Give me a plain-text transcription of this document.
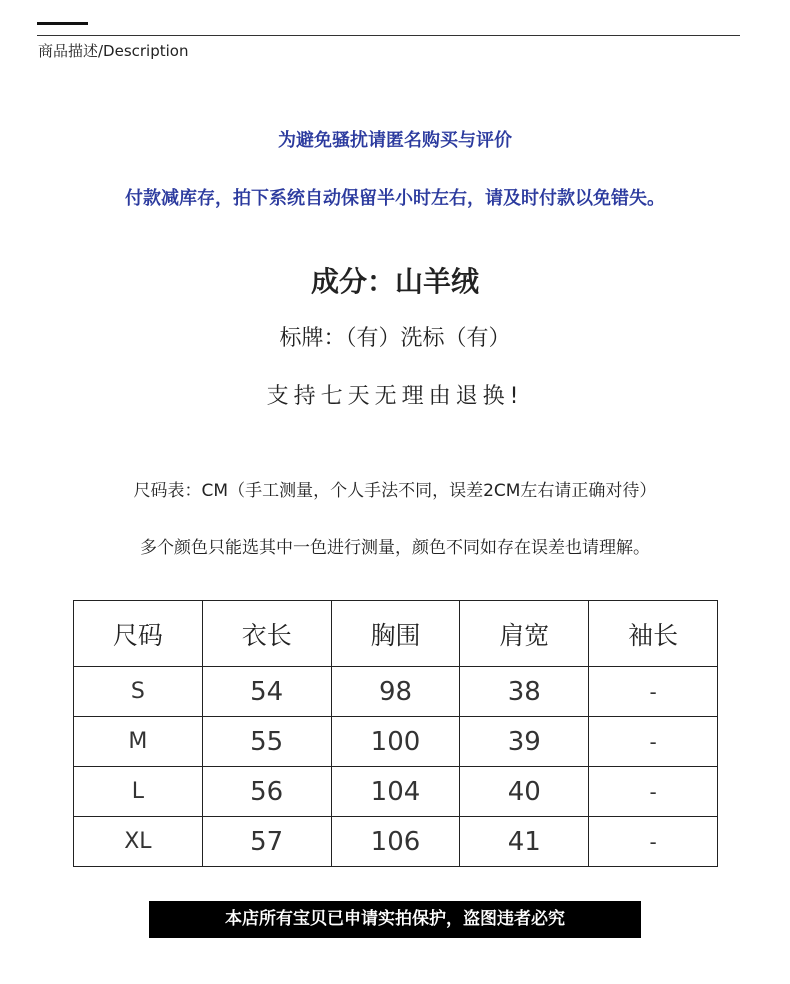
商品描述/Description
为避免骚扰请匿名购买与评价
付款减库存，拍下系统自动保留半小时左右，请及时付款以免错失。
成分：山羊绒
标牌：（有）洗标（有）
支持七天无理由退换!
尺码表：CM（手工测量，个人手法不同，误差2CM左右请正确对待）
多个颜色只能选其中一色进行测量，颜色不同如存在误差也请理解。
尺码	衣长	胸围	肩宽	袖长
S	54	98	38	-
M	55	100	39	-
L	56	104	40	-
XL	57	106	41	-
本店所有宝贝已申请实拍保护，盗图违者必究
